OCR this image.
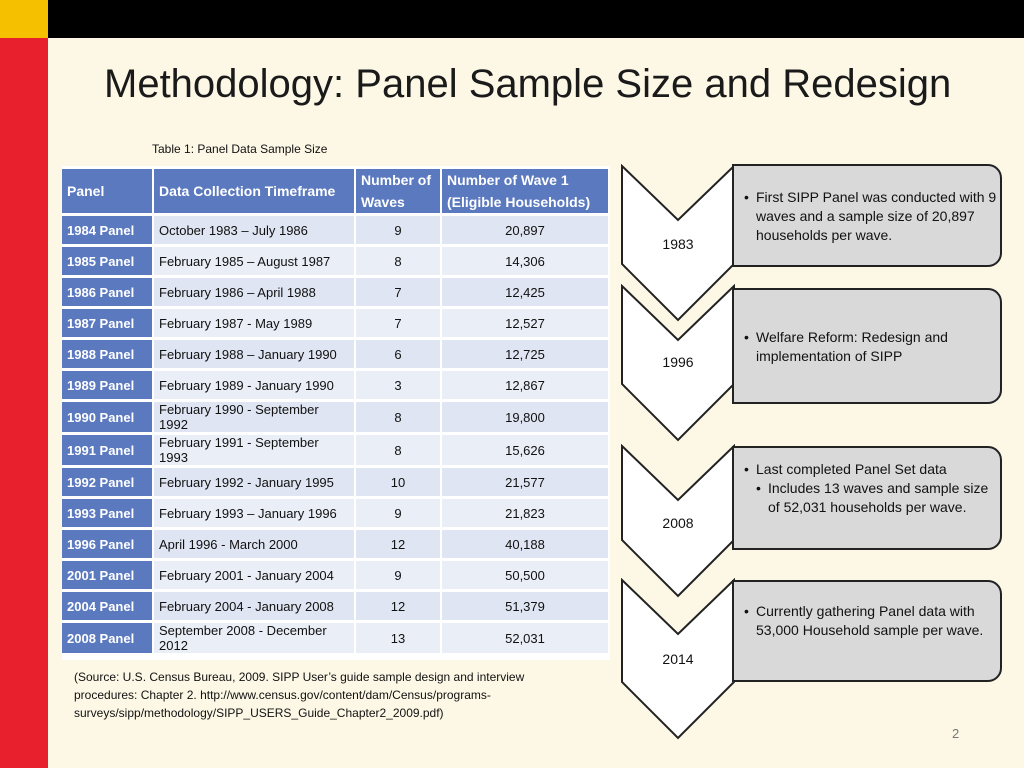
Methodology: Panel Sample Size and Redesign
Table 1: Panel Data Sample Size
Panel	Data Collection Timeframe	Number of Waves	Number of Wave 1 (Eligible Households)
1984 Panel	October 1983 – July 1986	9	20,897
1985 Panel	February 1985 – August 1987	8	14,306
1986 Panel	February 1986 – April 1988	7	12,425
1987 Panel	February 1987 - May 1989	7	12,527
1988 Panel	February 1988 – January 1990	6	12,725
1989 Panel	February 1989 - January 1990	3	12,867
1990 Panel	February 1990 - September 1992	8	19,800
1991 Panel	February 1991 - September 1993	8	15,626
1992 Panel	February 1992 - January 1995	10	21,577
1993 Panel	February 1993 – January 1996	9	21,823
1996 Panel	April 1996 - March 2000	12	40,188
2001 Panel	February 2001 - January 2004	9	50,500
2004 Panel	February 2004 - January 2008	12	51,379
2008 Panel	September 2008 - December 2012	13	52,031
(Source: U.S. Census Bureau, 2009. SIPP User’s guide sample design and interview procedures: Chapter 2. http://www.census.gov/content/dam/Census/programs-surveys/sipp/methodology/SIPP_USERS_Guide_Chapter2_2009.pdf)
1983
• First SIPP Panel was conducted with 9 waves and a sample size of 20,897 households per wave.
1996
• Welfare Reform: Redesign and implementation of SIPP
2008
• Last completed Panel Set data
• Includes 13 waves and sample size of 52,031 households per wave.
2014
• Currently gathering Panel data with 53,000 Household sample per wave.
2
